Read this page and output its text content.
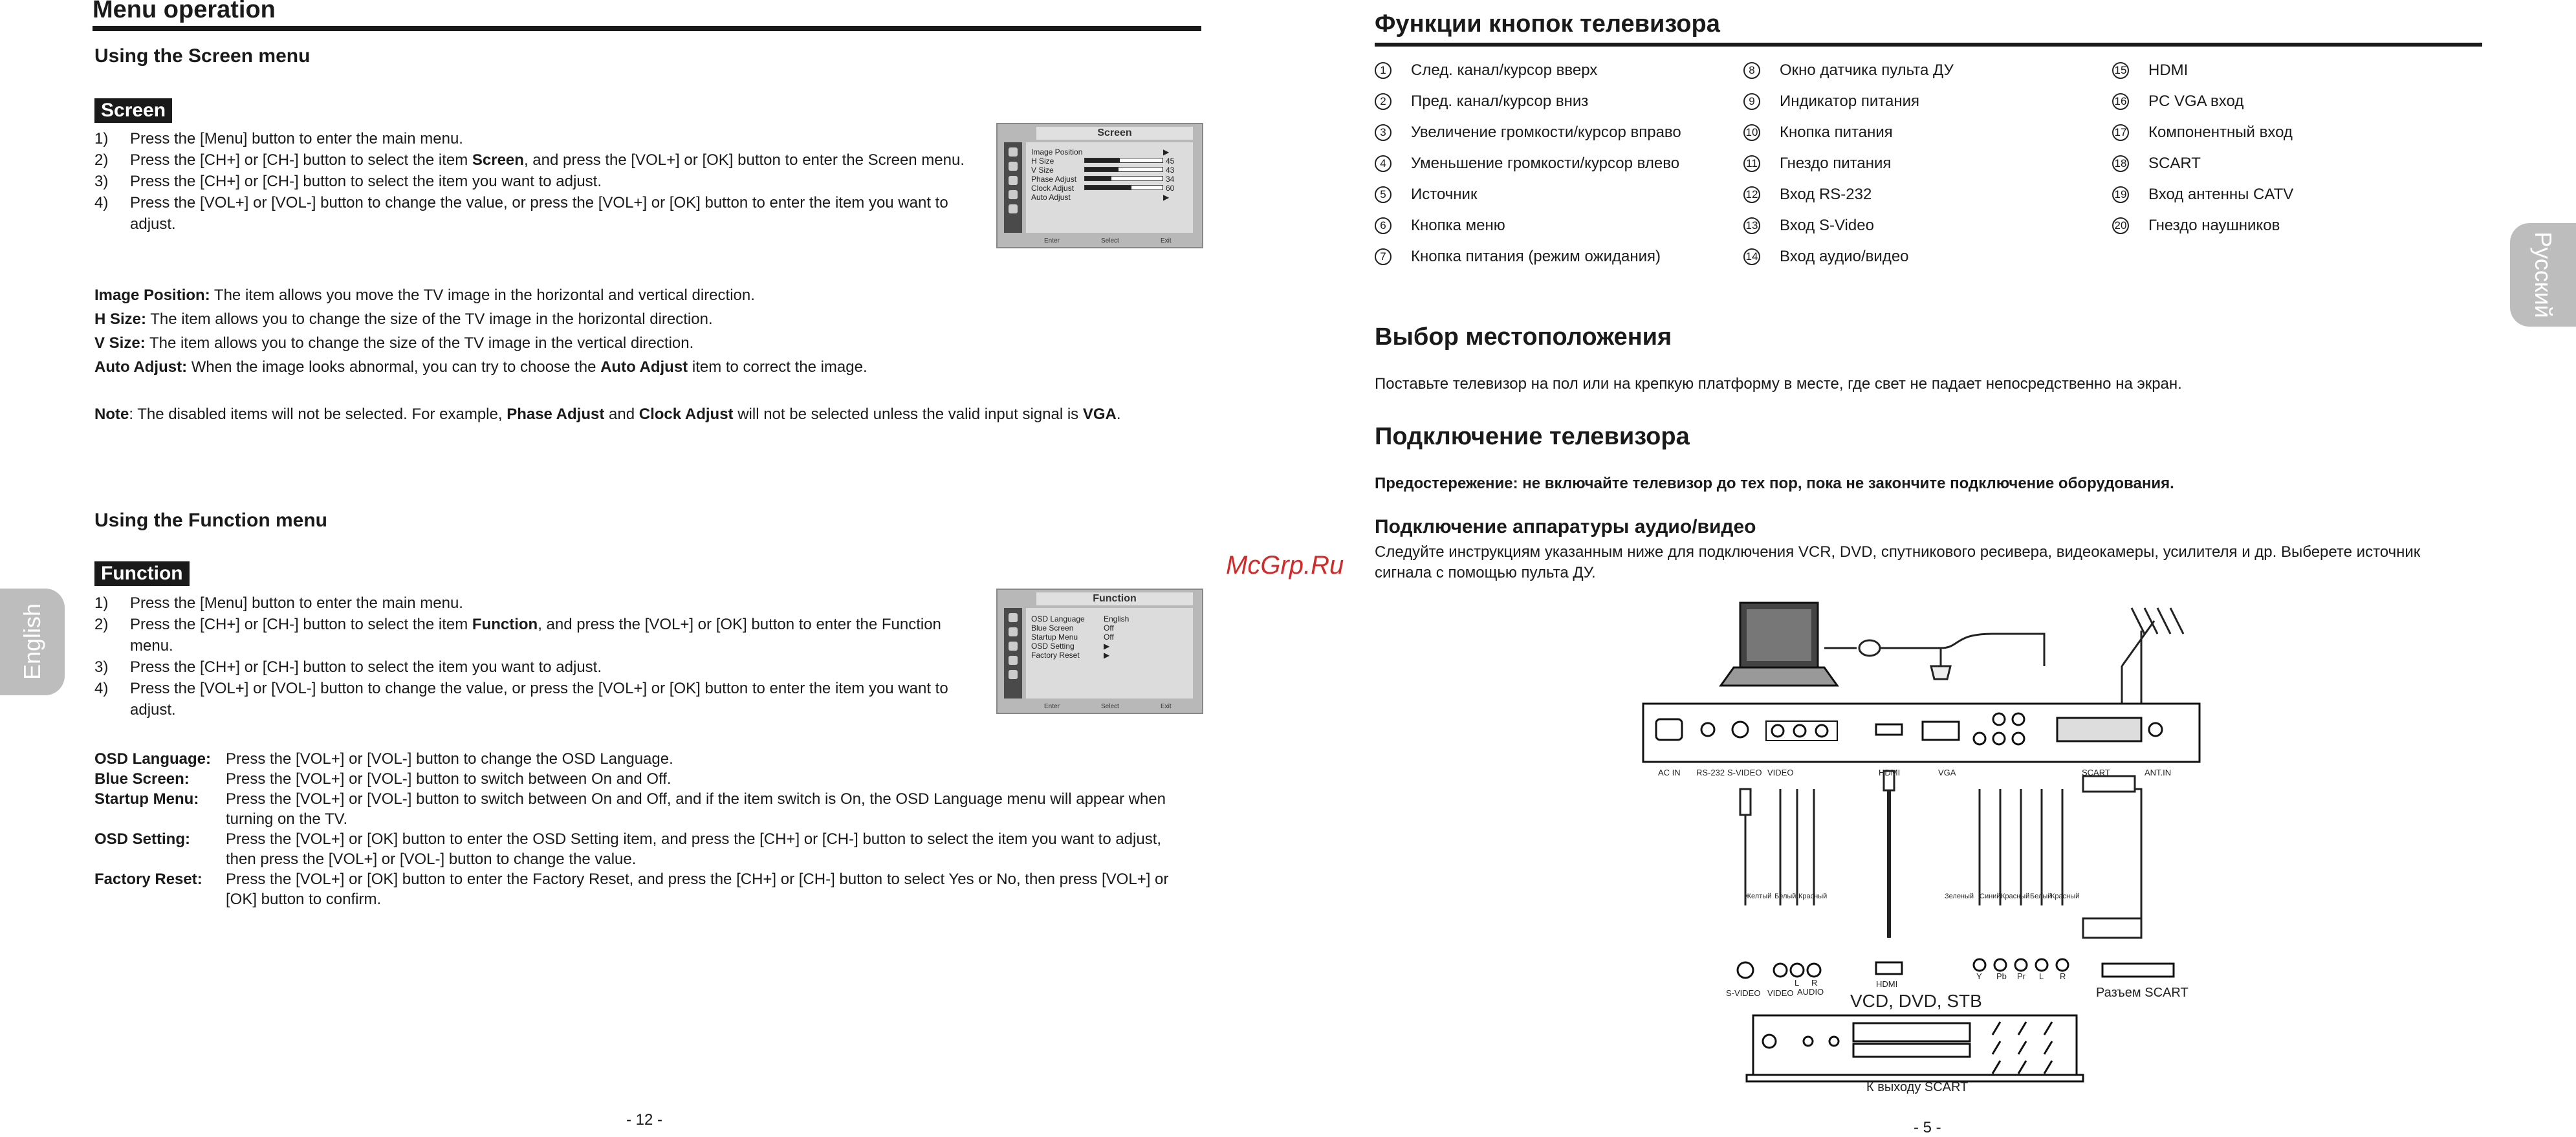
Menu operation
Using the Screen menu
Screen
1)	Press the [Menu] button to enter the main menu.
2)	Press the [CH+] or [CH-] button to select the item Screen, and press the [VOL+] or [OK] button to enter the Screen menu.
3)	Press the [CH+] or [CH-] button to select the item you want to adjust.
4)	Press the [VOL+] or [VOL-] button to change the value, or press the [VOL+] or [OK] button to enter the item you want to adjust.
Screen
Image Position	▶
H Size	45
V Size	43
Phase Adjust	34
Clock Adjust	60
Auto Adjust	▶
Enter	Select	Exit
Image Position: The item allows you move the TV image in the horizontal and vertical direction.
H Size: The item allows you to change the size of the TV image in the horizontal direction.
V Size: The item allows you to change the size of the TV image in the vertical direction.
Auto Adjust: When the image looks abnormal, you can try to choose the Auto Adjust item to correct the image.
Note: The disabled items will not be selected. For example, Phase Adjust and Clock Adjust will not be selected unless the valid input signal is VGA.
Using the Function menu
Function
1)	Press the [Menu] button to enter the main menu.
2)	Press the [CH+] or [CH-] button to select the item Function, and press the [VOL+] or [OK] button to enter the Function menu.
3)	Press the [CH+] or [CH-] button to select the item you want to adjust.
4)	Press the [VOL+] or [VOL-] button to change the value, or press the [VOL+] or [OK] button to enter the item you want to adjust.
Function
OSD Language English
Blue Screen	Off
Startup Menu	Off
OSD Setting	▶
Factory Reset	▶
Enter	Select	Exit
OSD Language: Press the [VOL+] or [VOL-] button to change the OSD Language.
Blue Screen:	Press the [VOL+] or [VOL-] button to switch between On and Off.
Startup Menu:	Press the [VOL+] or [VOL-] button to switch between On and Off, and if the item switch is On, the OSD Language menu will appear when turning on the TV.
OSD Setting:	Press the [VOL+] or [OK] button to enter the OSD Setting item, and press the [CH+] or [CH-] button to select the item you want to adjust, then press the [VOL+] or [VOL-] button to change the value.
Factory Reset:	Press the [VOL+] or [OK] button to enter the Factory Reset, and press the [CH+] or [CH-] button to select Yes or No, then press [VOL+] or [OK] button to confirm.
English
- 12 -
McGrp.Ru
Функции кнопок телевизора
1	След. канал/курсор вверх
2	Пред. канал/курсор вниз
3	Увеличение громкости/курсор вправо
4	Уменьшение громкости/курсор влево
5	Источник
6	Кнопка меню
7	Кнопка питания (режим ожидания)
8	Окно датчика пульта ДУ
9	Индикатор питания
10 Кнопка питания
11 Гнездо питания
12 Вход RS-232
13 Вход S-Video
14 Вход аудио/видео
15 HDMI
16 PC VGA вход
17 Компонентный вход
18 SCART
19 Вход антенны CATV
20 Гнездо наушников
Выбор местоположения
Поставьте телевизор на пол или на крепкую платформу в месте, где свет не падает непосредственно на экран.
Подключение телевизора
Предостережение: не включайте телевизор до тех пор, пока не закончите подключение оборудования.
Подключение аппаратуры аудио/видео
Следуйте инструкциям указанным ниже для подключения VCR, DVD, спутникового ресивера, видеокамеры, усилителя и др. Выберете источник сигнала с помощью пульта ДУ.
AC IN RS-232 S-VIDEO VIDEO	HDMI	VGA	SCART	ANT.IN
Желтый Белый Красный	Зеленый Синий Красный Белый
Красный
S-VIDEO VIDEO
L R
AUDIO
HDMI
Y Pb Pr L R
VCD, DVD, STB	Разъем SCART
К выходу SCART
Русский
- 5 -
